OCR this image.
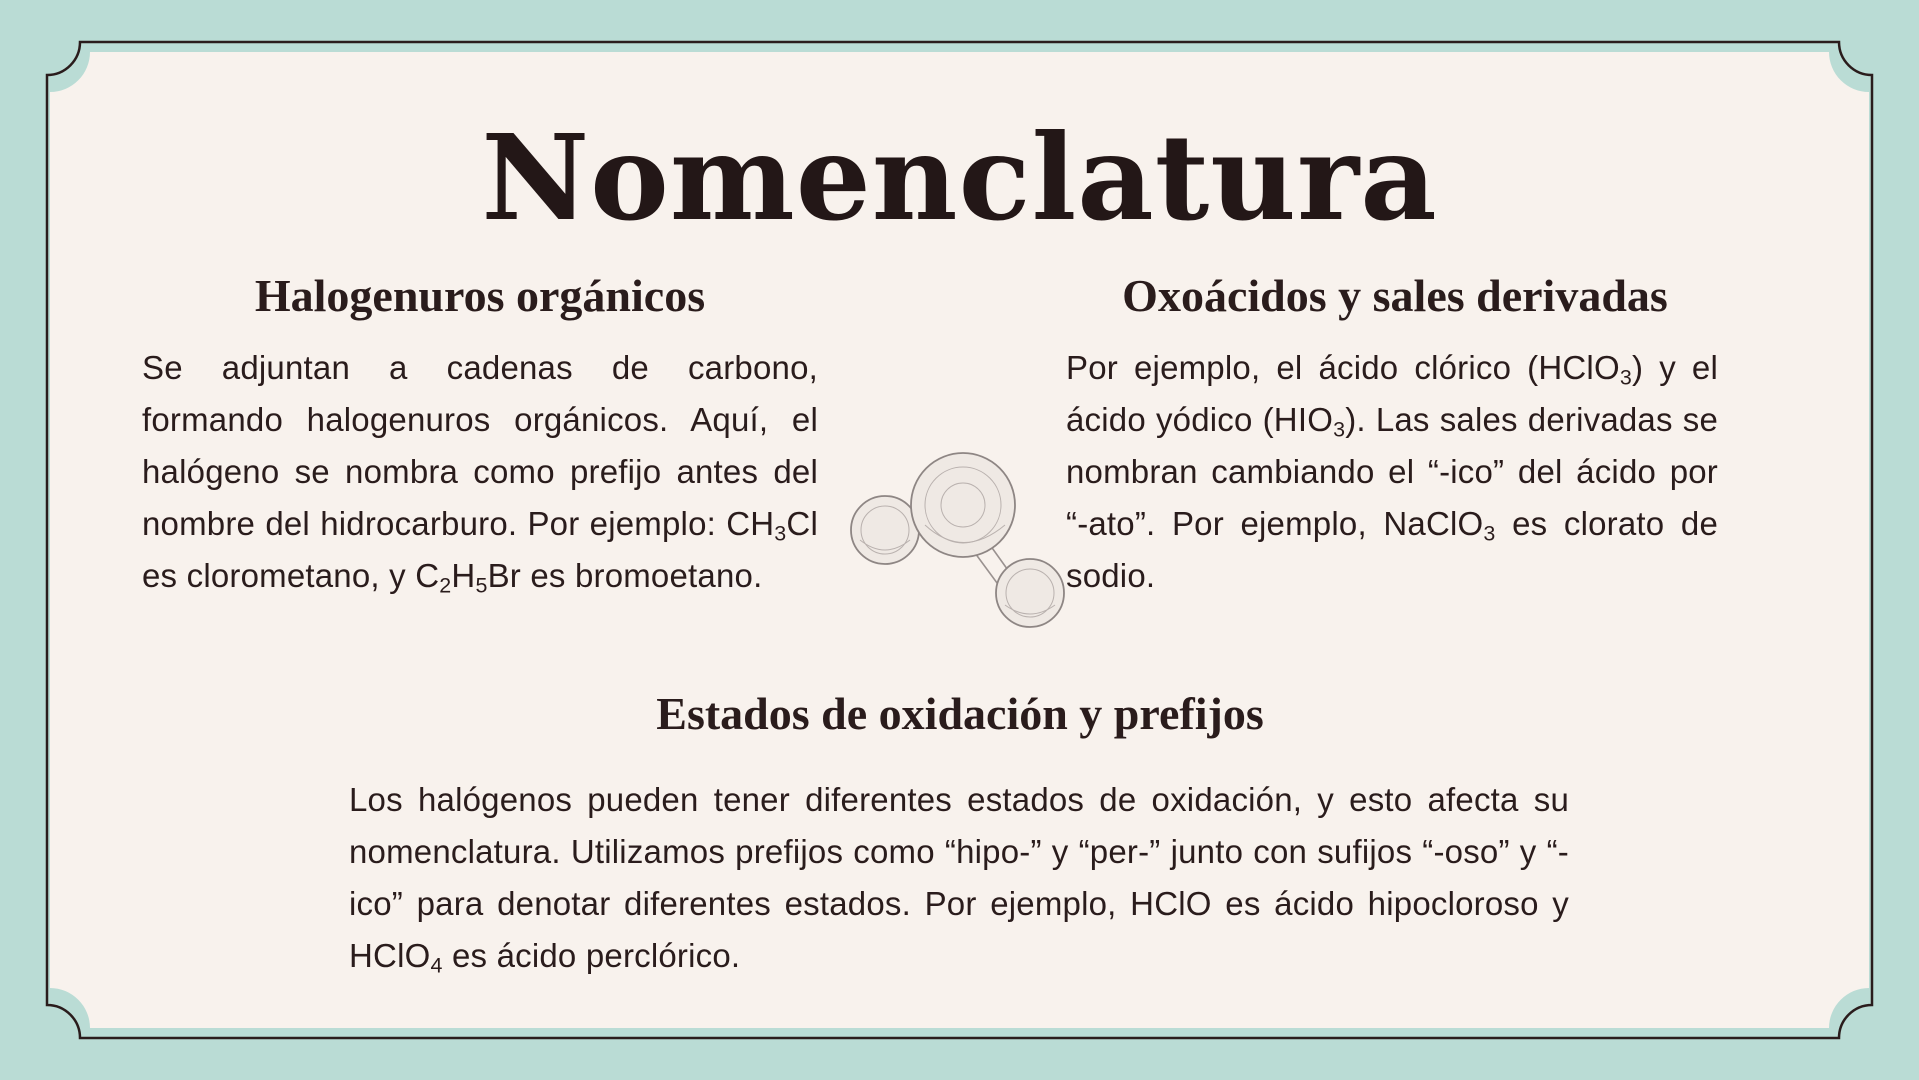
Nomenclatura
Halogenuros orgánicos

Se adjuntan a cadenas de carbono, formando halogenuros orgánicos. Aquí, el halógeno se nombra como prefijo antes del nombre del hidrocarburo. Por ejemplo: $CH_3Cl$ es clorometano, y $C_2H_5Br$ es bromoetano.

Oxoácidos y sales derivadas

Por ejemplo, el ácido clórico (HClO$_3$) y el ácido yódico $(HIO_3)$. Las sales derivadas se nombran cambiando el “-ico” del ácido por “-ato”. Por ejemplo, NaClO$_3$ es clorato de sodio.

Estados de oxidación y prefijos

Los halógenos pueden tener diferentes estados de oxidación, y esto afecta su nomenclatura. Utilizamos prefijos como “hipo-” y “per-” junto con sufijos “-oso” y “-ico” para denotar diferentes estados. Por ejemplo, HClO es ácido hipocloroso y HClO$_4$ es ácido perclórico.
